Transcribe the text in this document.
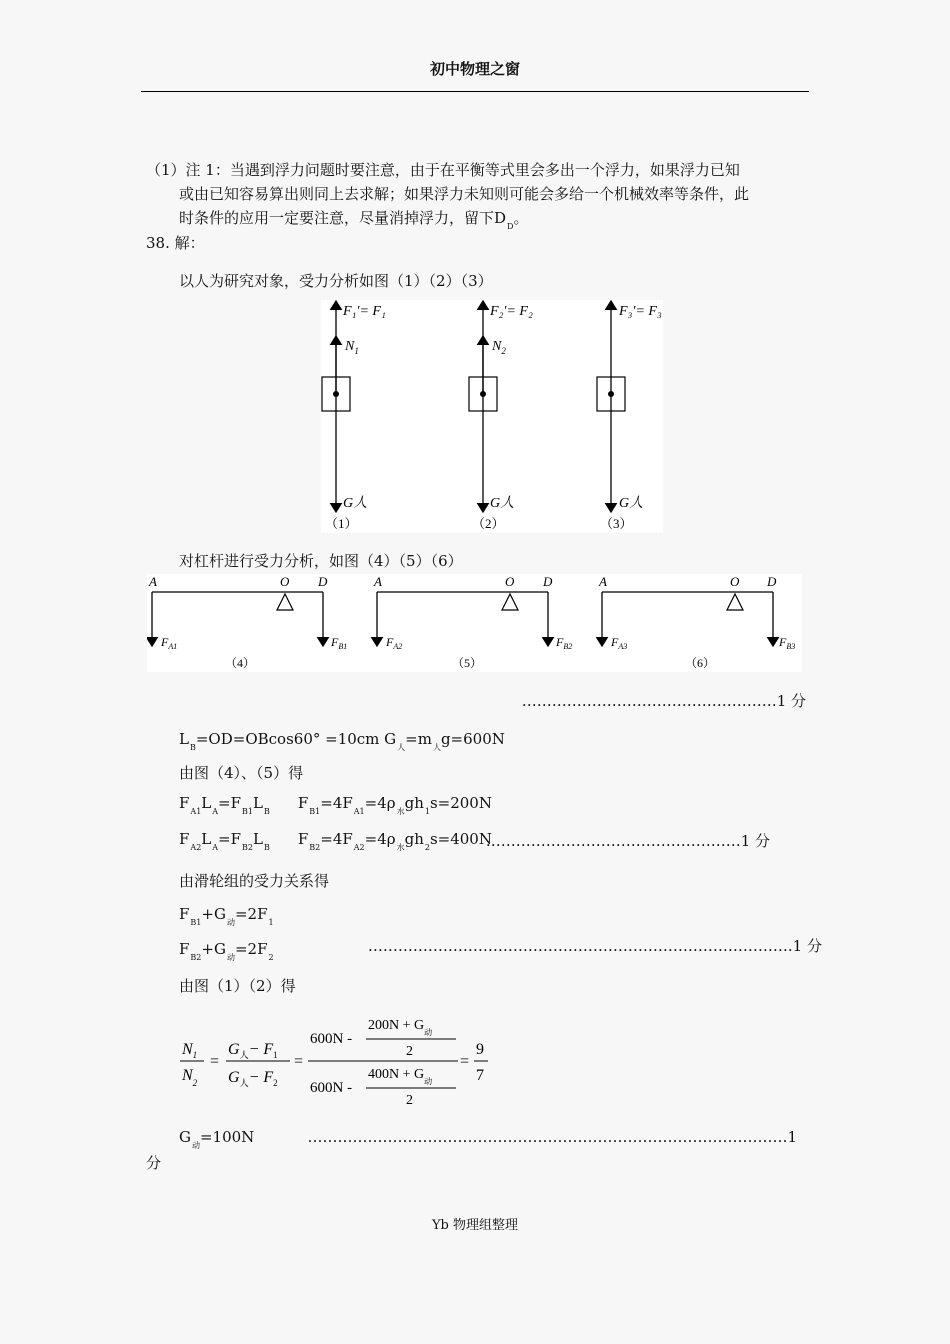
初中物理之窗
（1）注 1：当遇到浮力问题时要注意，由于在平衡等式里会多出一个浮力，如果浮力已知
或由已知容易算出则同上去求解；如果浮力未知则可能会多给一个机械效率等条件，此
时条件的应用一定要注意，尽量消掉浮力，留下$D_D$。
38. 解：
以人为研究对象，受力分析如图（1）（2）（3）
F₁′= F₁
$N_1$
G人
（1）
F₂′= F₂
$N_2$
G人
（2）
F₃′= F₃
G人
（3）
对杠杆进行受力分析，如图（4）（5）（6）
A	O D
$F_{A1}$	$F_{B1}$
（4）
A	O D
$F_{A2}$	$F_{B2}$
（5）
A	O D
$F_{A3}$	$F_{B3}$
（6）
……………………………………………1 分
$L_B=OD=OBcos60^\circ =10cm$ $G_人=m_人g=600N$
由图（4）、（5）得
$F_{A1}L_A=F_{B1}L_B$ $F_{B1}=4F_{A1}=4\rho_水gh_1s=200N$
$F_{A2}L_A=F_{B2}L_B$ $F_{B2}=4F_{A2}=4\rho_水gh_2s=400N$
……………………………………………1 分
由滑轮组的受力关系得
$F_{B1}+G_动=2F_1$
$F_{B2}+G_动=2F_2$
………………………………………………………………………….1 分
由图（1）（2）得
$N_1$
$N_2$
=
$G_人- F_1$
$G_人- F_2$
=
600N -
$200N + G_动$
2
600N -
$400N + G_动$
2
=
9
7
$G_动=100N$	……………………………………………………………………………………1
分
Yb 物理组整理
